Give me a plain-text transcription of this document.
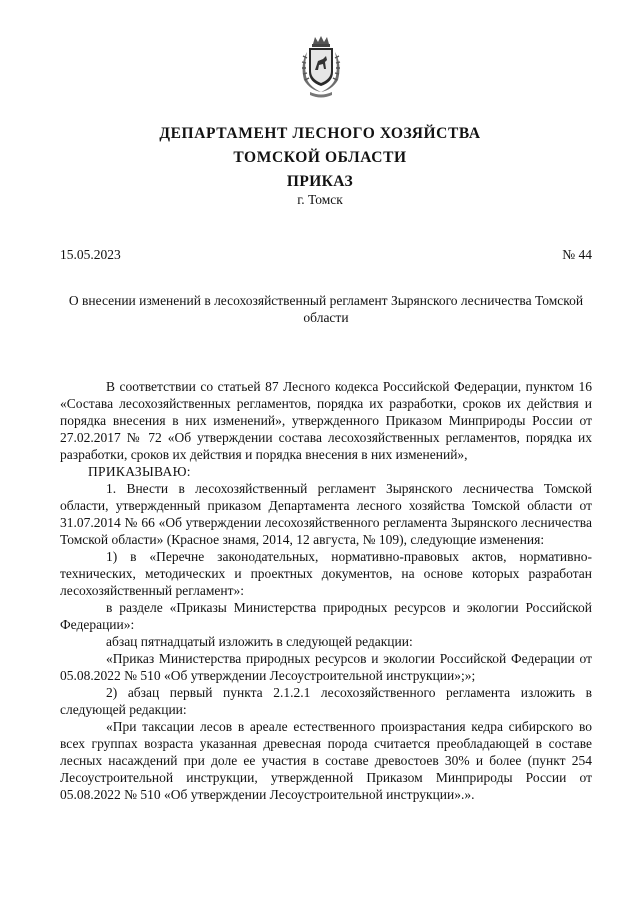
ДЕПАРТАМЕНТ ЛЕСНОГО ХОЗЯЙСТВА
ТОМСКОЙ ОБЛАСТИ
ПРИКАЗ
г. Томск
15.05.2023	№ 44
О внесении изменений в лесохозяйственный регламент Зырянского лесничества Томской области

В соответствии со статьей 87 Лесного кодекса Российской Федерации, пунктом 16 «Состава лесохозяйственных регламентов, порядка их разработки, сроков их действия и порядка внесения в них изменений», утвержденного Приказом Минприроды России от 27.02.2017 № 72 «Об утверждении состава лесохозяйственных регламентов, порядка их разработки, сроков их действия и порядка внесения в них изменений»,

ПРИКАЗЫВАЮ:

1. Внести в лесохозяйственный регламент Зырянского лесничества Томской области, утвержденный приказом Департамента лесного хозяйства Томской области от 31.07.2014 № 66 «Об утверждении лесохозяйственного регламента Зырянского лесничества Томской области» (Красное знамя, 2014, 12 августа, № 109), следующие изменения:

1) в «Перечне законодательных, нормативно-правовых актов, нормативно-технических, методических и проектных документов, на основе которых разработан лесохозяйственный регламент»:

в разделе «Приказы Министерства природных ресурсов и экологии Российской Федерации»:

абзац пятнадцатый изложить в следующей редакции:

«Приказ Министерства природных ресурсов и экологии Российской Федерации от 05.08.2022 № 510 «Об утверждении Лесоустроительной инструкции»;»;

2) абзац первый пункта 2.1.2.1 лесохозяйственного регламента изложить в следующей редакции:

«При таксации лесов в ареале естественного произрастания кедра сибирского во всех группах возраста указанная древесная порода считается преобладающей в составе лесных насаждений при доле ее участия в составе древостоев 30% и более (пункт 254 Лесоустроительной инструкции, утвержденной Приказом Минприроды России от 05.08.2022 № 510 «Об утверждении Лесоустроительной инструкции».».
